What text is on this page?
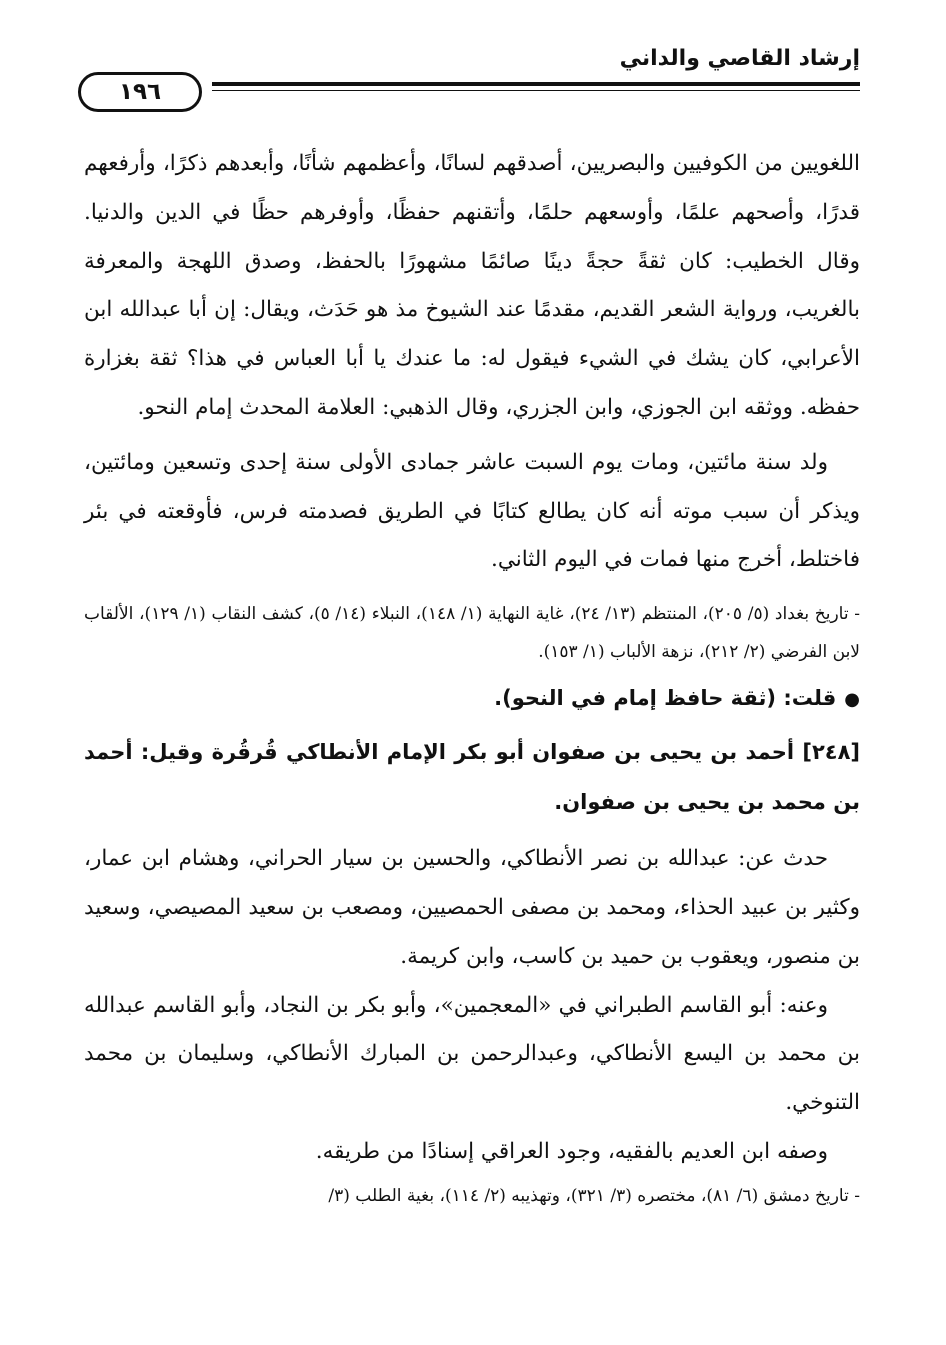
إرشاد القاصي والداني
١٩٦

اللغويين من الكوفيين والبصريين، أصدقهم لسانًا، وأعظمهم شأنًا، وأبعدهم ذكرًا، وأرفعهم قدرًا، وأصحهم علمًا، وأوسعهم حلمًا، وأتقنهم حفظًا، وأوفرهم حظًا في الدين والدنيا. وقال الخطيب: كان ثقةً حجةً دينًا صائمًا مشهورًا بالحفظ، وصدق اللهجة والمعرفة بالغريب، ورواية الشعر القديم، مقدمًا عند الشيوخ مذ هو حَدَث، ويقال: إن أبا عبدالله ابن الأعرابي، كان يشك في الشيء فيقول له: ما عندك يا أبا العباس في هذا؟ ثقة بغزارة حفظه. ووثقه ابن الجوزي، وابن الجزري، وقال الذهبي: العلامة المحدث إمام النحو.

ولد سنة مائتين، ومات يوم السبت عاشر جمادى الأولى سنة إحدى وتسعين ومائتين، ويذكر أن سبب موته أنه كان يطالع كتابًا في الطريق فصدمته فرس، فأوقعته في بئر فاختلط، أخرج منها فمات في اليوم الثاني.

- تاريخ بغداد (٥/ ٢٠٥)، المنتظم (١٣/ ٢٤)، غاية النهاية (١/ ١٤٨)، النبلاء (١٤/ ٥)، كشف النقاب (١/ ١٢٩)، الألقاب لابن الفرضي (٢/ ٢١٢)، نزهة الألباب (١/ ١٥٣).

●قلت: (ثقة حافظ إمام في النحو).

[٢٤٨] أحمد بن يحيى بن صفوان أبو بكر الإمام الأنطاكي قُرقُرة وقيل: أحمد بن محمد بن يحيى بن صفوان.

حدث عن: عبدالله بن نصر الأنطاكي، والحسين بن سيار الحراني، وهشام ابن عمار، وكثير بن عبيد الحذاء، ومحمد بن مصفى الحمصيين، ومصعب بن سعيد المصيصي، وسعيد بن منصور، ويعقوب بن حميد بن كاسب، وابن كريمة.

وعنه: أبو القاسم الطبراني في «المعجمين»، وأبو بكر بن النجاد، وأبو القاسم عبدالله بن محمد بن اليسع الأنطاكي، وعبدالرحمن بن المبارك الأنطاكي، وسليمان بن محمد التنوخي.

وصفه ابن العديم بالفقيه، وجود العراقي إسنادًا من طريقه.

- تاريخ دمشق (٦/ ٨١)، مختصره (٣/ ٣٢١)، وتهذيبه (٢/ ١١٤)، بغية الطلب (٣/
